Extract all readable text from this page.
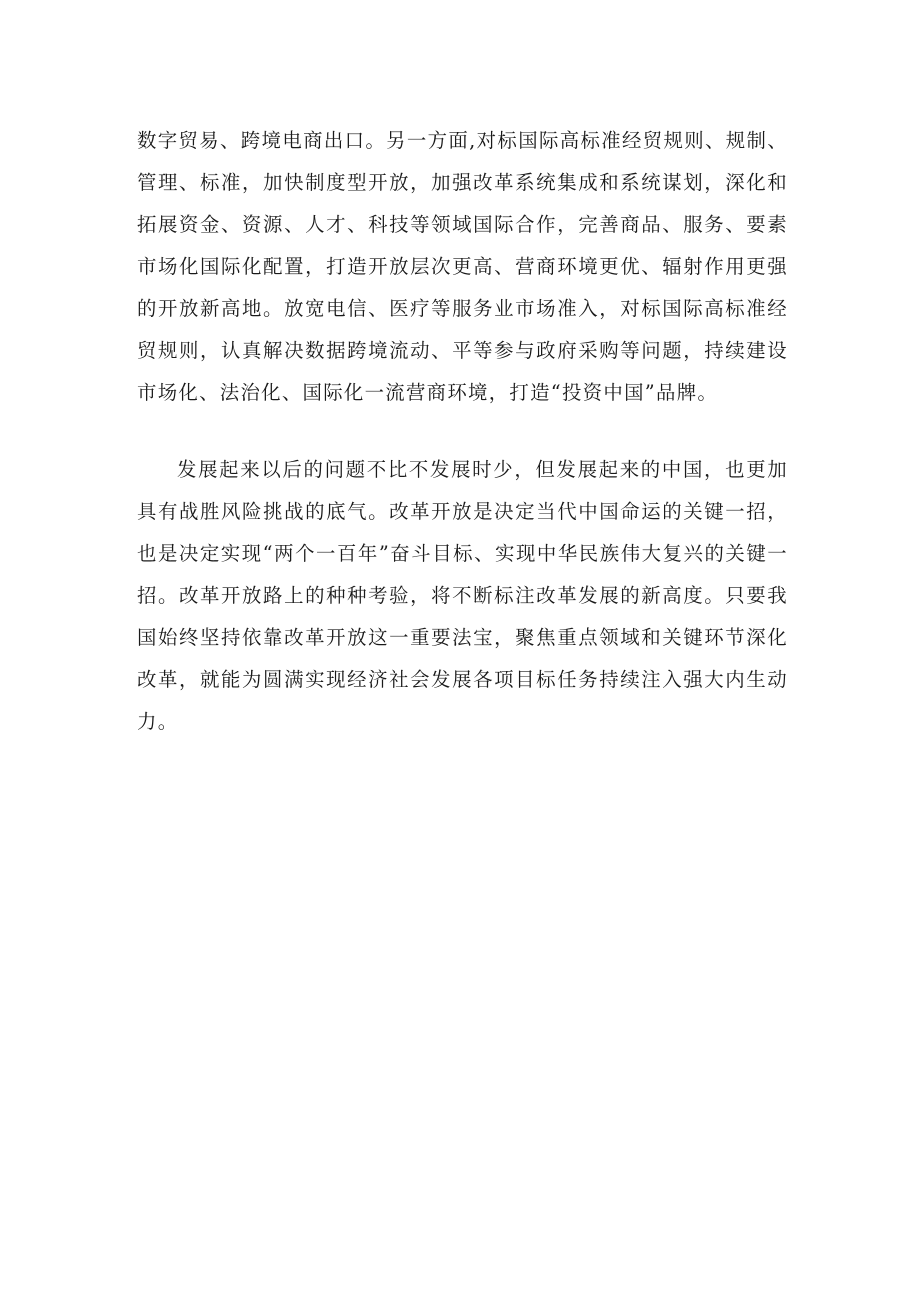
数字贸易、跨境电商出口。另一方面,对标国际高标准经贸规则、规制、管理、标准，加快制度型开放，加强改革系统集成和系统谋划，深化和拓展资金、资源、人才、科技等领域国际合作，完善商品、服务、要素市场化国际化配置，打造开放层次更高、营商环境更优、辐射作用更强的开放新高地。放宽电信、医疗等服务业市场准入，对标国际高标准经贸规则，认真解决数据跨境流动、平等参与政府采购等问题，持续建设市场化、法治化、国际化一流营商环境，打造“投资中国”品牌。

发展起来以后的问题不比不发展时少，但发展起来的中国，也更加具有战胜风险挑战的底气。改革开放是决定当代中国命运的关键一招，也是决定实现“两个一百年”奋斗目标、实现中华民族伟大复兴的关键一招。改革开放路上的种种考验，将不断标注改革发展的新高度。只要我国始终坚持依靠改革开放这一重要法宝，聚焦重点领域和关键环节深化改革，就能为圆满实现经济社会发展各项目标任务持续注入强大内生动力。
